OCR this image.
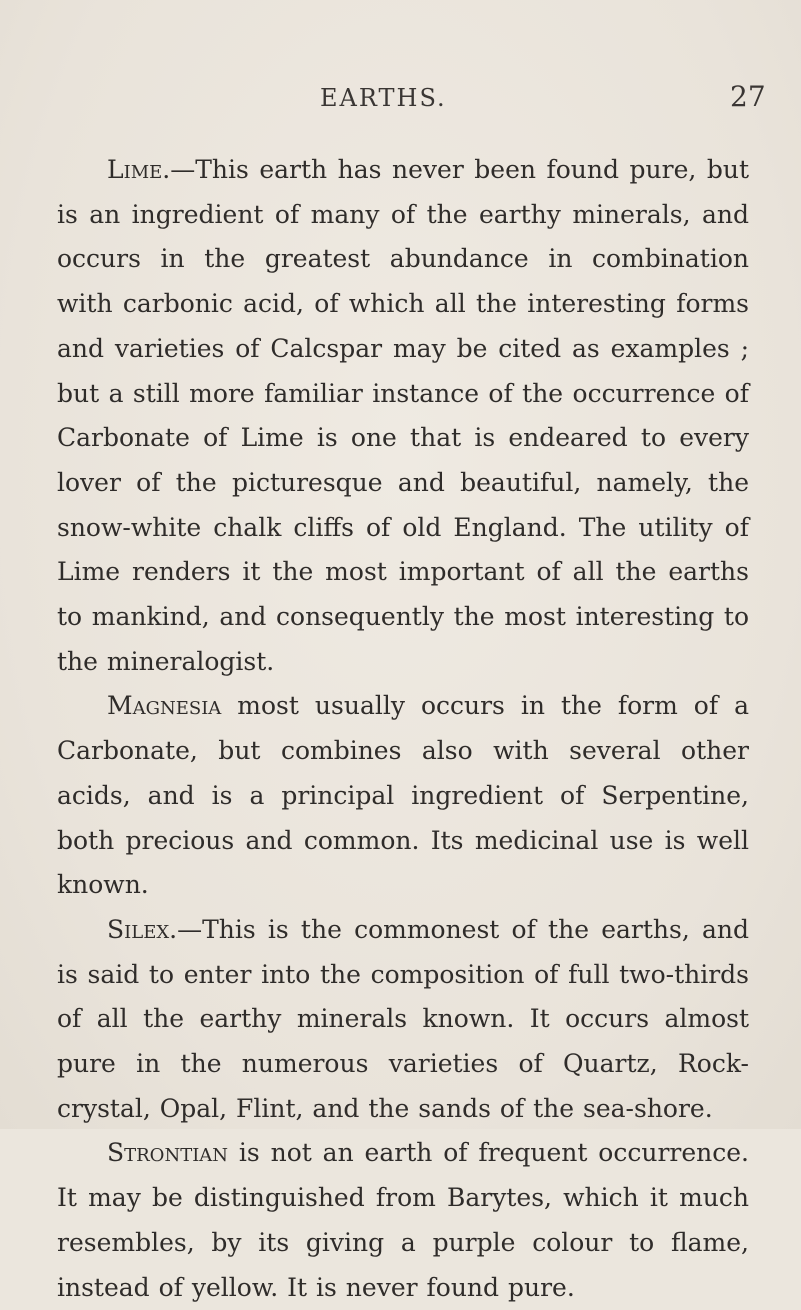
EARTHS.	27

Lime.—This earth has never been found pure, but is an ingredient of many of the earthy minerals, and occurs in the greatest abundance in combination with carbonic acid, of which all the interesting forms and varieties of Calcspar may be cited as examples ; but a still more familiar instance of the occurrence of Carbonate of Lime is one that is endeared to every lover of the picturesque and beautiful, namely, the snow-white chalk cliffs of old England. The utility of Lime renders it the most important of all the earths to mankind, and consequently the most interesting to the mineralogist.

Magnesia most usually occurs in the form of a Carbonate, but combines also with several other acids, and is a principal ingredient of Serpentine, both precious and common. Its medicinal use is well known.

Silex.—This is the commonest of the earths, and is said to enter into the composition of full two-thirds of all the earthy minerals known. It occurs almost pure in the numerous varieties of Quartz, Rock-crystal, Opal, Flint, and the sands of the sea-shore.

Strontian is not an earth of frequent occurrence. It may be distinguished from Barytes, which it much resembles, by its giving a purple colour to flame, instead of yellow. It is never found pure.
